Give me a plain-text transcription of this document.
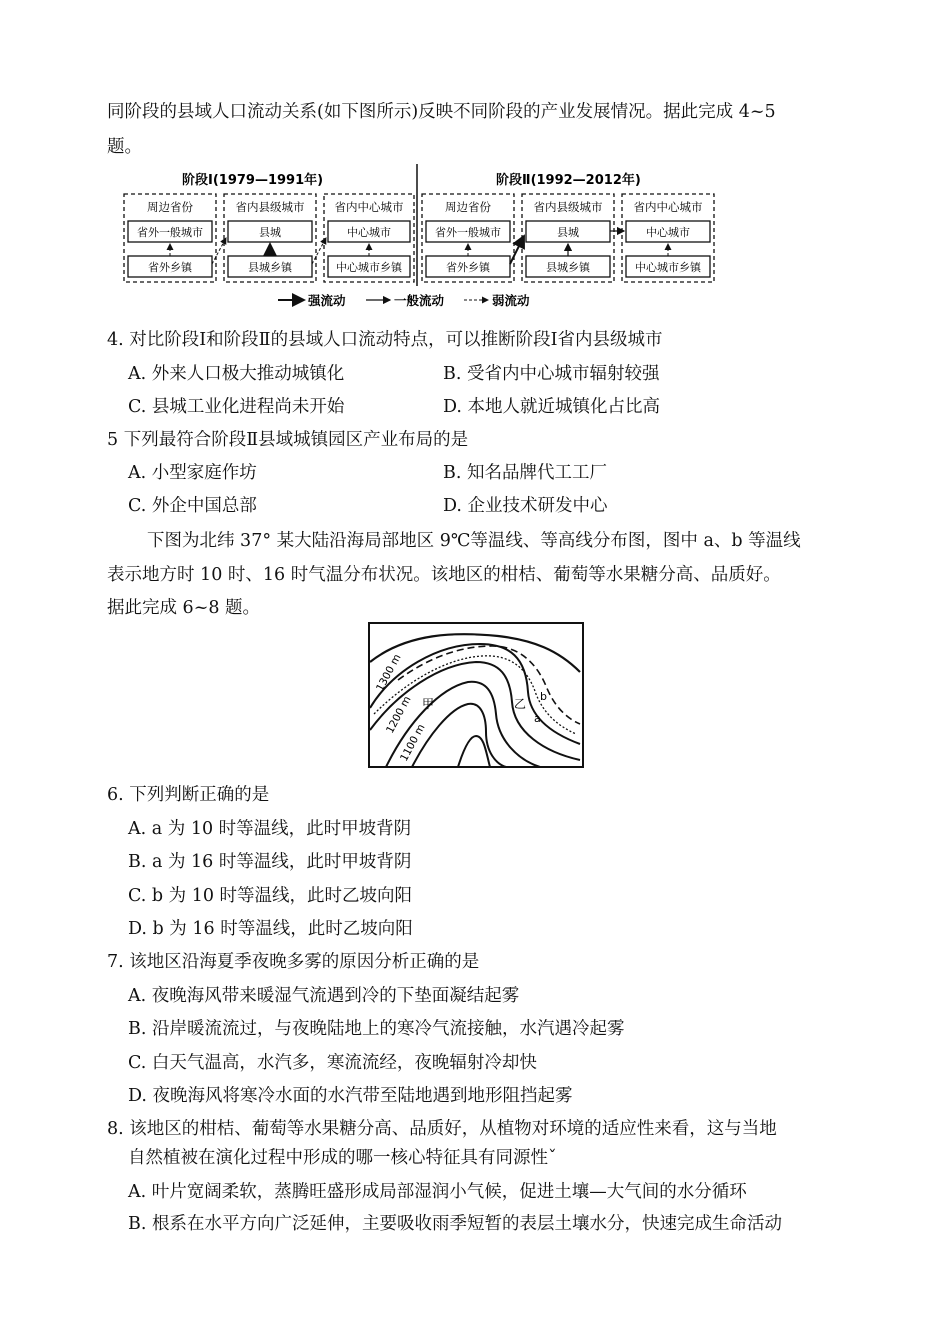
同阶段的县域人口流动关系(如下图所示)反映不同阶段的产业发展情况。据此完成 4~5
题。
阶段Ⅰ(1979—1991年)	阶段Ⅱ(1992—2012年)
周边省份	省内县级城市	省内中心城市
省外一般城市
省外乡镇
县城
县城乡镇
中心城市
中心城市乡镇
周边省份	省内县级城市	省内中心城市
省外一般城市
省外乡镇
县城
县城乡镇
中心城市
中心城市乡镇
强流动	一般流动	弱流动
4. 对比阶段Ⅰ和阶段Ⅱ的县域人口流动特点，可以推断阶段Ⅰ省内县级城市
A. 外来人口极大推动城镇化	B. 受省内中心城市辐射较强
C. 县城工业化进程尚未开始	D. 本地人就近城镇化占比高
5 下列最符合阶段Ⅱ县域城镇园区产业布局的是
A. 小型家庭作坊	B. 知名品牌代工工厂
C. 外企中国总部	D. 企业技术研发中心
下图为北纬 37° 某大陆沿海局部地区 9℃等温线、等高线分布图，图中 a、b 等温线
表示地方时 10 时、16 时气温分布状况。该地区的柑桔、葡萄等水果糖分高、品质好。
据此完成 6~8 题。
1300 m
1200 m
1100 m
甲	乙
a
b
6. 下列判断正确的是
A. a 为 10 时等温线，此时甲坡背阴
B. a 为 16 时等温线，此时甲坡背阴
C. b 为 10 时等温线，此时乙坡向阳
D. b 为 16 时等温线，此时乙坡向阳
7. 该地区沿海夏季夜晚多雾的原因分析正确的是
A. 夜晚海风带来暖湿气流遇到冷的下垫面凝结起雾
B. 沿岸暖流流过，与夜晚陆地上的寒冷气流接触，水汽遇冷起雾
C. 白天气温高，水汽多，寒流流经，夜晚辐射冷却快
D. 夜晚海风将寒冷水面的水汽带至陆地遇到地形阻挡起雾
8. 该地区的柑桔、葡萄等水果糖分高、品质好，从植物对环境的适应性来看，这与当地
自然植被在演化过程中形成的哪一核心特征具有同源性ˇ
A. 叶片宽阔柔软，蒸腾旺盛形成局部湿润小气候，促进土壤—大气间的水分循环
B. 根系在水平方向广泛延伸，主要吸收雨季短暂的表层土壤水分，快速完成生命活动
